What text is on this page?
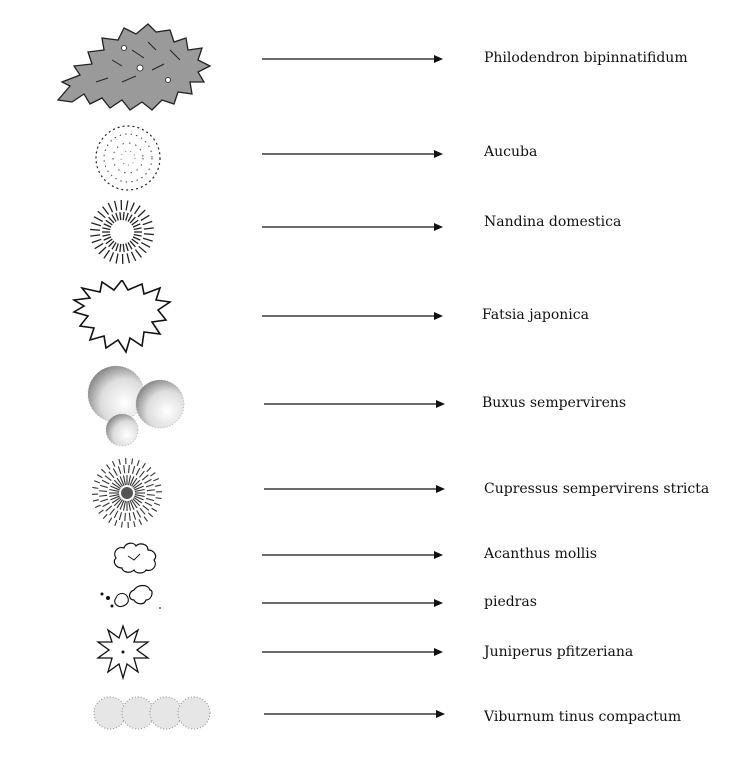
Philodendron bipinnatifidum
Aucuba
Nandina domestica
Fatsia japonica
Buxus sempervirens
Cupressus sempervirens stricta
Acanthus mollis
piedras
Juniperus pfitzeriana
Viburnum tinus compactum
